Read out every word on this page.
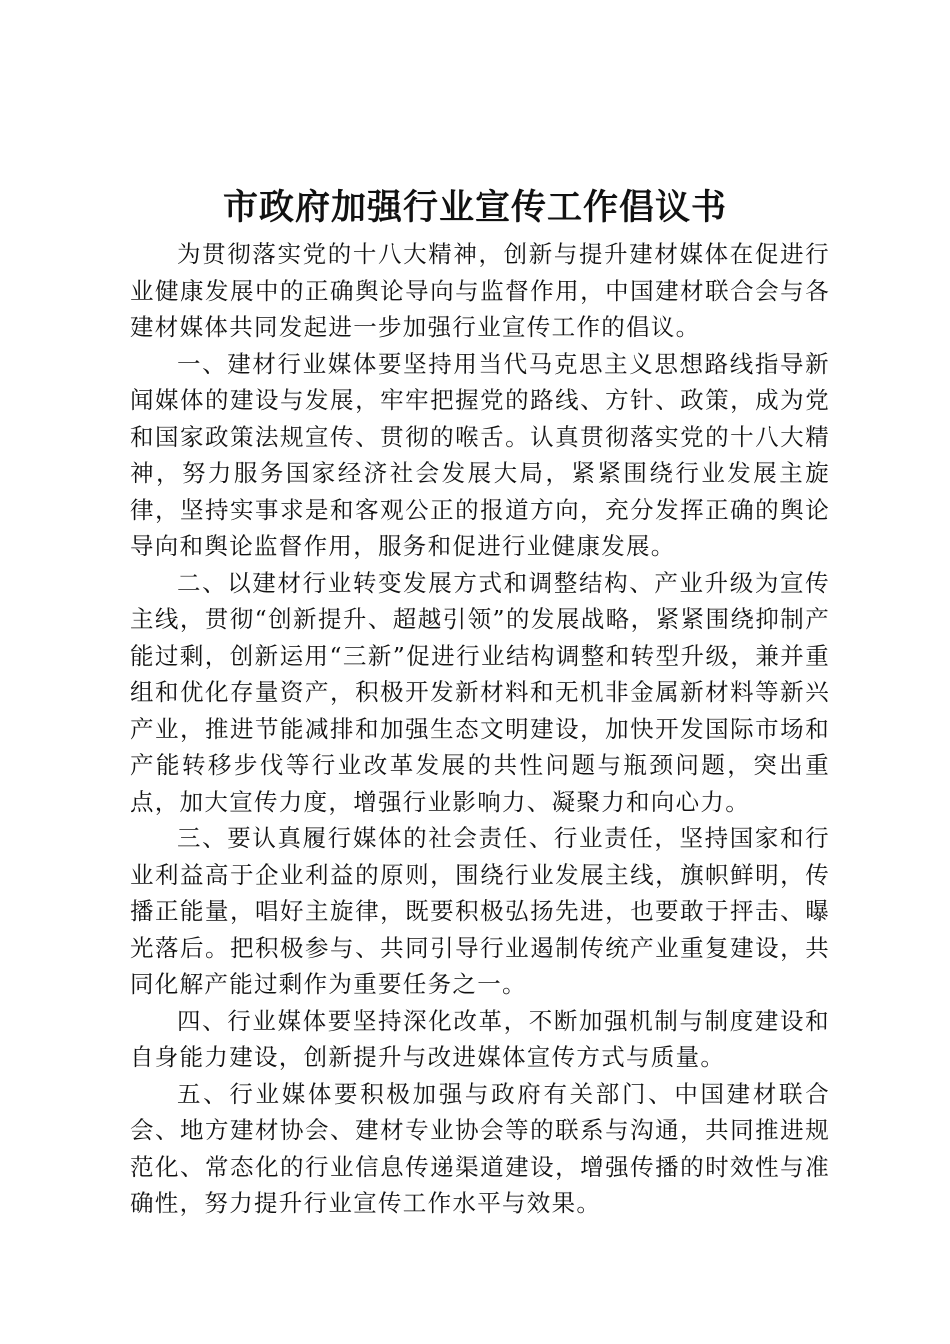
市政府加强行业宣传工作倡议书

为贯彻落实党的十八大精神，创新与提升建材媒体在促进行业健康发展中的正确舆论导向与监督作用，中国建材联合会与各建材媒体共同发起进一步加强行业宣传工作的倡议。

一、建材行业媒体要坚持用当代马克思主义思想路线指导新闻媒体的建设与发展，牢牢把握党的路线、方针、政策，成为党和国家政策法规宣传、贯彻的喉舌。认真贯彻落实党的十八大精神，努力服务国家经济社会发展大局，紧紧围绕行业发展主旋律，坚持实事求是和客观公正的报道方向，充分发挥正确的舆论导向和舆论监督作用，服务和促进行业健康发展。

二、以建材行业转变发展方式和调整结构、产业升级为宣传主线，贯彻“创新提升、超越引领”的发展战略，紧紧围绕抑制产能过剩，创新运用“三新”促进行业结构调整和转型升级，兼并重组和优化存量资产，积极开发新材料和无机非金属新材料等新兴产业，推进节能减排和加强生态文明建设，加快开发国际市场和产能转移步伐等行业改革发展的共性问题与瓶颈问题，突出重点，加大宣传力度，增强行业影响力、凝聚力和向心力。

三、要认真履行媒体的社会责任、行业责任，坚持国家和行业利益高于企业利益的原则，围绕行业发展主线，旗帜鲜明，传播正能量，唱好主旋律，既要积极弘扬先进，也要敢于抨击、曝光落后。把积极参与、共同引导行业遏制传统产业重复建设，共同化解产能过剩作为重要任务之一。

四、行业媒体要坚持深化改革，不断加强机制与制度建设和自身能力建设，创新提升与改进媒体宣传方式与质量。

五、行业媒体要积极加强与政府有关部门、中国建材联合会、地方建材协会、建材专业协会等的联系与沟通，共同推进规范化、常态化的行业信息传递渠道建设，增强传播的时效性与准确性，努力提升行业宣传工作水平与效果。
